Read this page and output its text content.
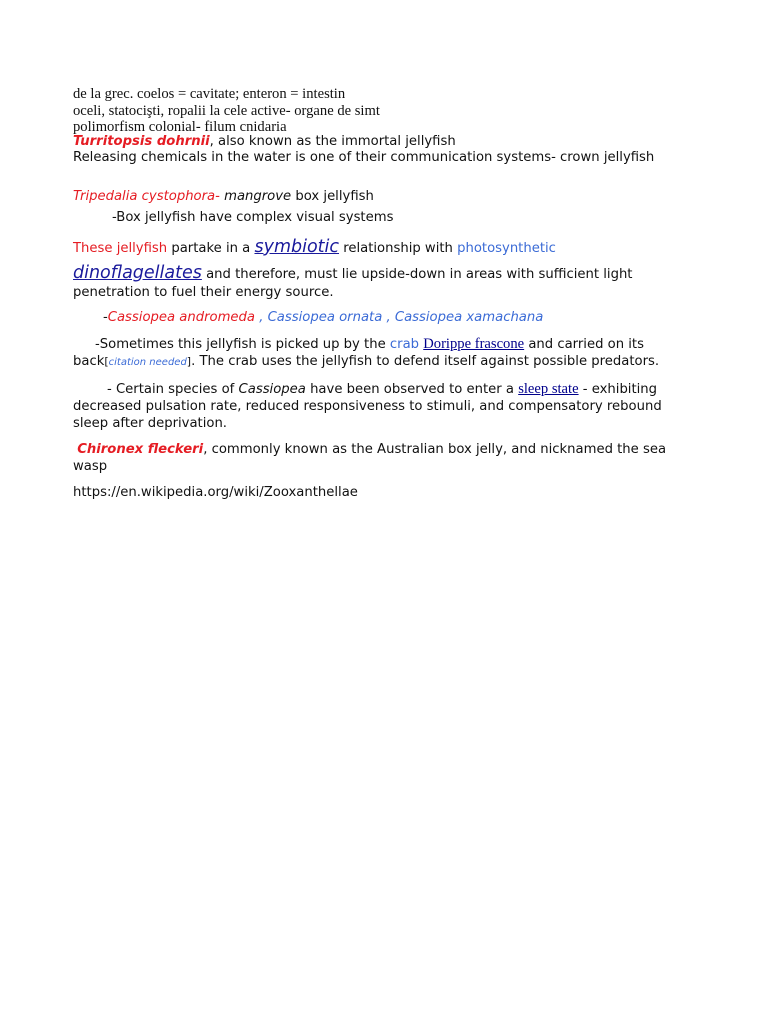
de la grec. coelos = cavitate; enteron = intestin
oceli, statocişti, ropalii la cele active- organe de simt
polimorfism colonial- filum cnidaria
Turritopsis dohrnii, also known as the immortal jellyfish
Releasing chemicals in the water is one of their communication systems- crown jellyfish
Tripedalia cystophora- mangrove box jellyfish
-Box jellyfish have complex visual systems
These jellyfish partake in a symbiotic relationship with photosynthetic
dinoflagellates and therefore, must lie upside-down in areas with sufficient light
penetration to fuel their energy source.
-Cassiopea andromeda , Cassiopea ornata , Cassiopea xamachana
-Sometimes this jellyfish is picked up by the crab Dorippe frascone and carried on its
back[citation needed]. The crab uses the jellyfish to defend itself against possible predators.
- Certain species of Cassiopea have been observed to enter a sleep state - exhibiting
decreased pulsation rate, reduced responsiveness to stimuli, and compensatory rebound
sleep after deprivation.
Chironex fleckeri, commonly known as the Australian box jelly, and nicknamed the sea
wasp
https://en.wikipedia.org/wiki/Zooxanthellae
